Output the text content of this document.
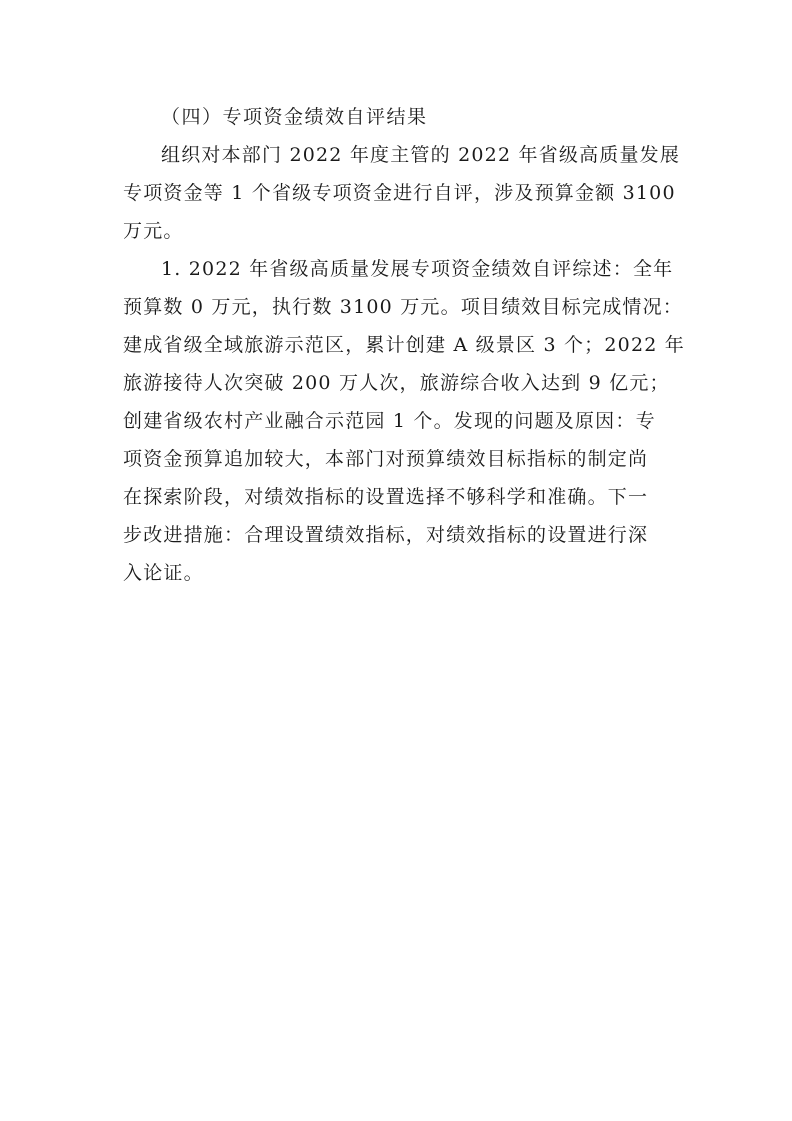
（四）专项资金绩效自评结果
组织对本部门 2022 年度主管的 2022 年省级高质量发展
专项资金等 1 个省级专项资金进行自评，涉及预算金额 3100
万元。
1. 2022 年省级高质量发展专项资金绩效自评综述：全年
预算数 0 万元，执行数 3100 万元。项目绩效目标完成情况：
建成省级全域旅游示范区，累计创建 A 级景区 3 个；2022 年
旅游接待人次突破 200 万人次，旅游综合收入达到 9 亿元；
创建省级农村产业融合示范园 1 个。发现的问题及原因：专
项资金预算追加较大，本部门对预算绩效目标指标的制定尚
在探索阶段，对绩效指标的设置选择不够科学和准确。下一
步改进措施：合理设置绩效指标，对绩效指标的设置进行深
入论证。
